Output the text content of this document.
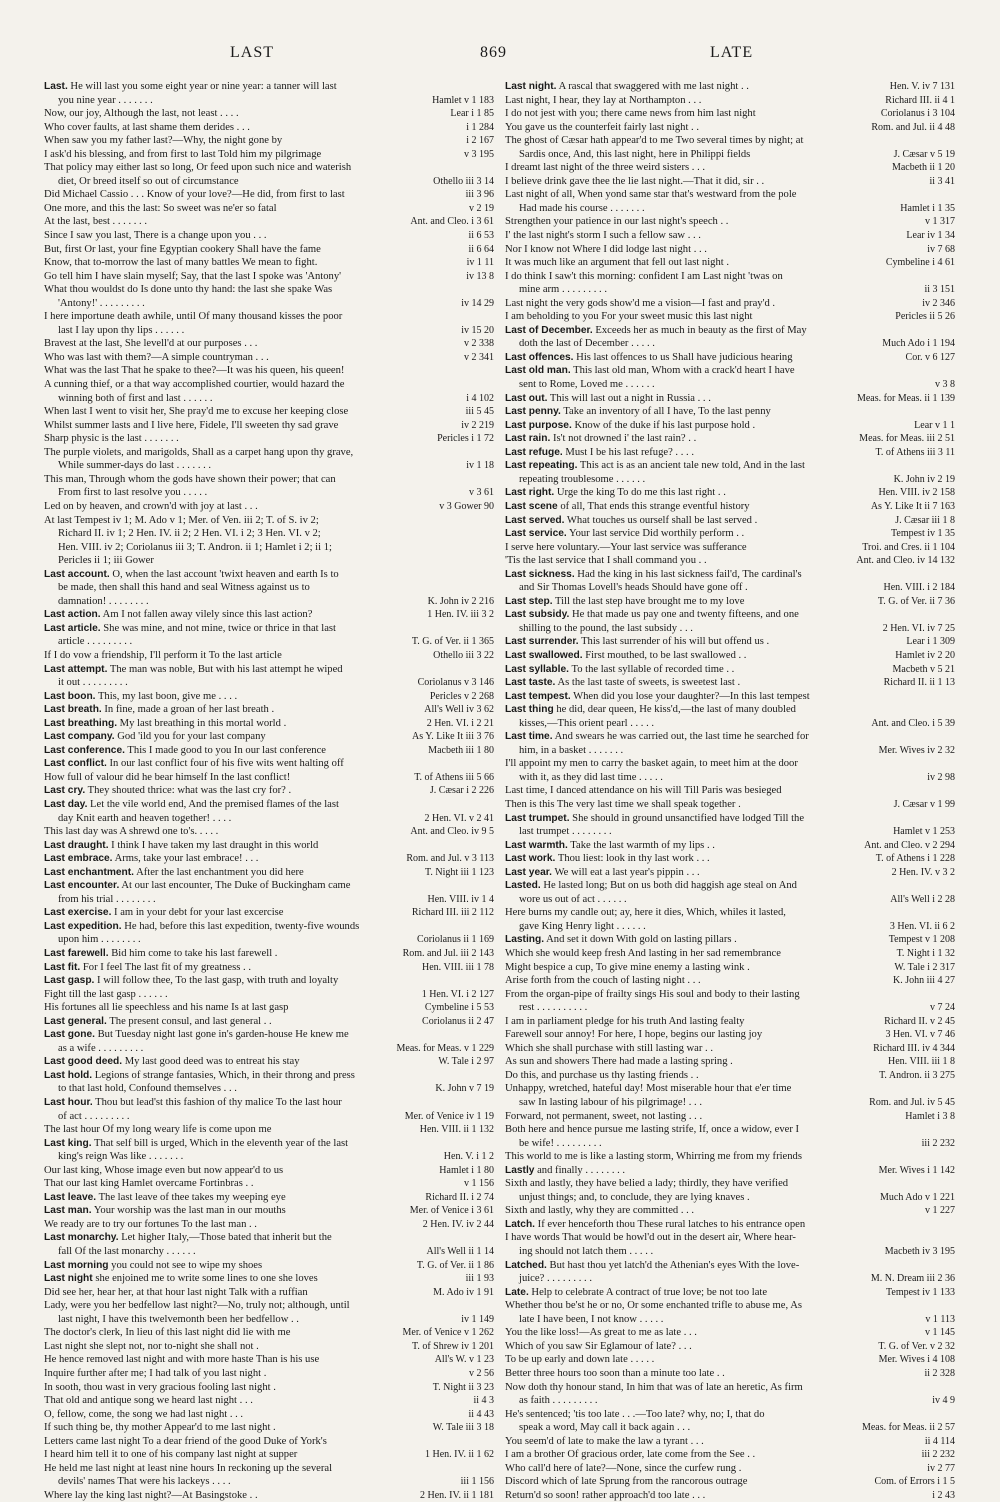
LAST	869	LATE
Last. He will last you some eight year or nine year: a tanner will last
you nine year . . . . . . .	Hamlet v 1 183
Now, our joy, Although the last, not least . . . .	Lear i 1 85
Who cover faults, at last shame them derides . . .	i 1 284
When saw you my father last?—Why, the night gone by	i 2 167
I ask'd his blessing, and from first to last Told him my pilgrimage	v 3 195
That policy may either last so long, Or feed upon such nice and waterish
diet, Or breed itself so out of circumstance	Othello iii 3 14
Did Michael Cassio . . . Know of your love?—He did, from first to last	iii 3 96
One more, and this the last: So sweet was ne'er so fatal	v 2 19
At the last, best . . . . . . .	Ant. and Cleo. i 3 61
Since I saw you last, There is a change upon you . . .	ii 6 53
But, first Or last, your fine Egyptian cookery Shall have the fame	ii 6 64
Know, that to-morrow the last of many battles We mean to fight.	iv 1 11
Go tell him I have slain myself; Say, that the last I spoke was 'Antony'	iv 13 8
What thou wouldst do Is done unto thy hand: the last she spake Was
'Antony!' . . . . . . . . .	iv 14 29
I here importune death awhile, until Of many thousand kisses the poor
last I lay upon thy lips . . . . . .	iv 15 20
Bravest at the last, She levell'd at our purposes . . .	v 2 338
Who was last with them?—A simple countryman . . .	v 2 341
What was the last That he spake to thee?—It was his queen, his queen!
A cunning thief, or a that way accomplished courtier, would hazard the
winning both of first and last . . . . . .	i 4 102
When last I went to visit her, She pray'd me to excuse her keeping close	iii 5 45
Whilst summer lasts and I live here, Fidele, I'll sweeten thy sad grave	iv 2 219
Sharp physic is the last . . . . . . .	Pericles i 1 72
The purple violets, and marigolds, Shall as a carpet hang upon thy grave,
While summer-days do last . . . . . . .	iv 1 18
This man, Through whom the gods have shown their power; that can
From first to last resolve you . . . . .	v 3 61
Led on by heaven, and crown'd with joy at last . . .	v 3 Gower 90
At last Tempest iv 1; M. Ado v 1; Mer. of Ven. iii 2; T. of S. iv 2;
Richard II. iv 1; 2 Hen. IV. ii 2; 2 Hen. VI. i 2; 3 Hen. VI. v 2;
Hen. VIII. iv 2; Coriolanus iii 3; T. Andron. ii 1; Hamlet i 2; ii 1;
Pericles ii 1; iii Gower
Last account. O, when the last account 'twixt heaven and earth Is to
be made, then shall this hand and seal Witness against us to
damnation! . . . . . . . .	K. John iv 2 216
Last action. Am I not fallen away vilely since this last action?	1 Hen. IV. iii 3 2
Last article. She was mine, and not mine, twice or thrice in that last
article . . . . . . . . .	T. G. of Ver. ii 1 365
If I do vow a friendship, I'll perform it To the last article	Othello iii 3 22
Last attempt. The man was noble, But with his last attempt he wiped
it out . . . . . . . . .	Coriolanus v 3 146
Last boon. This, my last boon, give me . . . .	Pericles v 2 268
Last breath. In fine, made a groan of her last breath .	All's Well iv 3 62
Last breathing. My last breathing in this mortal world .	2 Hen. VI. i 2 21
Last company. God 'ild you for your last company	As Y. Like It iii 3 76
Last conference. This I made good to you In our last conference	Macbeth iii 1 80
Last conflict. In our last conflict four of his five wits went halting off
How full of valour did he bear himself In the last conflict!	T. of Athens iii 5 66
Last cry. They shouted thrice: what was the last cry for? .	J. Cæsar i 2 226
Last day. Let the vile world end, And the premised flames of the last
day Knit earth and heaven together! . . . .	2 Hen. VI. v 2 41
This last day was A shrewd one to's. . . . .	Ant. and Cleo. iv 9 5
Last draught. I think I have taken my last draught in this world
Last embrace. Arms, take your last embrace! . . .	Rom. and Jul. v 3 113
Last enchantment. After the last enchantment you did here	T. Night iii 1 123
Last encounter. At our last encounter, The Duke of Buckingham came
from his trial . . . . . . . .	Hen. VIII. iv 1 4
Last exercise. I am in your debt for your last excercise	Richard III. iii 2 112
Last expedition. He had, before this last expedition, twenty-five wounds
upon him . . . . . . . .	Coriolanus ii 1 169
Last farewell. Bid him come to take his last farewell .	Rom. and Jul. iii 2 143
Last fit. For I feel The last fit of my greatness . .	Hen. VIII. iii 1 78
Last gasp. I will follow thee, To the last gasp, with truth and loyalty
Fight till the last gasp . . . . . .	1 Hen. VI. i 2 127
His fortunes all lie speechless and his name Is at last gasp	Cymbeline i 5 53
Last general. The present consul, and last general . .	Coriolanus ii 2 47
Last gone. But Tuesday night last gone in's garden-house He knew me
as a wife . . . . . . . . .	Meas. for Meas. v 1 229
Last good deed. My last good deed was to entreat his stay	W. Tale i 2 97
Last hold. Legions of strange fantasies, Which, in their throng and press
to that last hold, Confound themselves . . .	K. John v 7 19
Last hour. Thou but lead'st this fashion of thy malice To the last hour
of act . . . . . . . . .	Mer. of Venice iv 1 19
The last hour Of my long weary life is come upon me	Hen. VIII. ii 1 132
Last king. That self bill is urged, Which in the eleventh year of the last
king's reign Was like . . . . . . .	Hen. V. i 1 2
Our last king, Whose image even but now appear'd to us	Hamlet i 1 80
That our last king Hamlet overcame Fortinbras . .	v 1 156
Last leave. The last leave of thee takes my weeping eye	Richard II. i 2 74
Last man. Your worship was the last man in our mouths	Mer. of Venice i 3 61
We ready are to try our fortunes To the last man . .	2 Hen. IV. iv 2 44
Last monarchy. Let higher Italy,—Those bated that inherit but the
fall Of the last monarchy . . . . . .	All's Well ii 1 14
Last morning you could not see to wipe my shoes	T. G. of Ver. ii 1 86
Last night she enjoined me to write some lines to one she loves	iii 1 93
Did see her, hear her, at that hour last night Talk with a ruffian	M. Ado iv 1 91
Lady, were you her bedfellow last night?—No, truly not; although, until
last night, I have this twelvemonth been her bedfellow . .	iv 1 149
The doctor's clerk, In lieu of this last night did lie with me	Mer. of Venice v 1 262
Last night she slept not, nor to-night she shall not .	T. of Shrew iv 1 201
He hence removed last night and with more haste Than is his use	All's W. v 1 23
Inquire further after me; I had talk of you last night .	v 2 56
In sooth, thou wast in very gracious fooling last night .	T. Night ii 3 23
That old and antique song we heard last night . . .	ii 4 3
O, fellow, come, the song we had last night . . .	ii 4 43
If such thing be, thy mother Appear'd to me last night .	W. Tale iii 3 18
Letters came last night To a dear friend of the good Duke of York's
I heard him tell it to one of his company last night at supper	1 Hen. IV. ii 1 62
He held me last night at least nine hours In reckoning up the several
devils' names That were his lackeys . . . .	iii 1 156
Where lay the king last night?—At Basingstoke . .	2 Hen. IV. ii 1 181
Last night. A rascal that swaggered with me last night . .	Hen. V. iv 7 131
Last night, I hear, they lay at Northampton . . .	Richard III. ii 4 1
I do not jest with you; there came news from him last night	Coriolanus i 3 104
You gave us the counterfeit fairly last night . .	Rom. and Jul. ii 4 48
The ghost of Cæsar hath appear'd to me Two several times by night; at
Sardis once, And, this last night, here in Philippi fields	J. Cæsar v 5 19
I dreamt last night of the three weird sisters . . .	Macbeth ii 1 20
I believe drink gave thee the lie last night.—That it did, sir . .	ii 3 41
Last night of all, When yond same star that's westward from the pole
Had made his course . . . . . . .	Hamlet i 1 35
Strengthen your patience in our last night's speech . .	v 1 317
I' the last night's storm I such a fellow saw . . .	Lear iv 1 34
Nor I know not Where I did lodge last night . . .	iv 7 68
It was much like an argument that fell out last night .	Cymbeline i 4 61
I do think I saw't this morning: confident I am Last night 'twas on
mine arm . . . . . . . . .	ii 3 151
Last night the very gods show'd me a vision—I fast and pray'd .	iv 2 346
I am beholding to you For your sweet music this last night	Pericles ii 5 26
Last of December. Exceeds her as much in beauty as the first of May
doth the last of December . . . . .	Much Ado i 1 194
Last offences. His last offences to us Shall have judicious hearing	Cor. v 6 127
Last old man. This last old man, Whom with a crack'd heart I have
sent to Rome, Loved me . . . . . .	v 3 8
Last out. This will last out a night in Russia . . .	Meas. for Meas. ii 1 139
Last penny. Take an inventory of all I have, To the last penny
Last purpose. Know of the duke if his last purpose hold .	Lear v 1 1
Last rain. Is't not drowned i' the last rain? . .	Meas. for Meas. iii 2 51
Last refuge. Must I be his last refuge? . . . .	T. of Athens iii 3 11
Last repeating. This act is as an ancient tale new told, And in the last
repeating troublesome . . . . . .	K. John iv 2 19
Last right. Urge the king To do me this last right . .	Hen. VIII. iv 2 158
Last scene of all, That ends this strange eventful history	As Y. Like It ii 7 163
Last served. What touches us ourself shall be last served .	J. Cæsar iii 1 8
Last service. Your last service Did worthily perform . .	Tempest iv 1 35
I serve here voluntary.—Your last service was sufferance	Troi. and Cres. ii 1 104
'Tis the last service that I shall command you . .	Ant. and Cleo. iv 14 132
Last sickness. Had the king in his last sickness fail'd, The cardinal's
and Sir Thomas Lovell's heads Should have gone off .	Hen. VIII. i 2 184
Last step. Till the last step have brought me to my love	T. G. of Ver. ii 7 36
Last subsidy. He that made us pay one and twenty fifteens, and one
shilling to the pound, the last subsidy . . .	2 Hen. VI. iv 7 25
Last surrender. This last surrender of his will but offend us .	Lear i 1 309
Last swallowed. First mouthed, to be last swallowed . .	Hamlet iv 2 20
Last syllable. To the last syllable of recorded time . .	Macbeth v 5 21
Last taste. As the last taste of sweets, is sweetest last .	Richard II. ii 1 13
Last tempest. When did you lose your daughter?—In this last tempest
Last thing he did, dear queen, He kiss'd,—the last of many doubled
kisses,—This orient pearl . . . . .	Ant. and Cleo. i 5 39
Last time. And swears he was carried out, the last time he searched for
him, in a basket . . . . . . .	Mer. Wives iv 2 32
I'll appoint my men to carry the basket again, to meet him at the door
with it, as they did last time . . . . .	iv 2 98
Last time, I danced attendance on his will Till Paris was besieged
Then is this The very last time we shall speak together .	J. Cæsar v 1 99
Last trumpet. She should in ground unsanctified have lodged Till the
last trumpet . . . . . . . .	Hamlet v 1 253
Last warmth. Take the last warmth of my lips . .	Ant. and Cleo. v 2 294
Last work. Thou liest: look in thy last work . . .	T. of Athens i 1 228
Last year. We will eat a last year's pippin . . .	2 Hen. IV. v 3 2
Lasted. He lasted long; But on us both did haggish age steal on And
wore us out of act . . . . . .	All's Well i 2 28
Here burns my candle out; ay, here it dies, Which, whiles it lasted,
gave King Henry light . . . . . .	3 Hen. VI. ii 6 2
Lasting. And set it down With gold on lasting pillars .	Tempest v 1 208
Which she would keep fresh And lasting in her sad remembrance	T. Night i 1 32
Might bespice a cup, To give mine enemy a lasting wink .	W. Tale i 2 317
Arise forth from the couch of lasting night . . .	K. John iii 4 27
From the organ-pipe of frailty sings His soul and body to their lasting
rest . . . . . . . . . .	v 7 24
I am in parliament pledge for his truth And lasting fealty	Richard II. v 2 45
Farewell sour annoy! For here, I hope, begins our lasting joy	3 Hen. VI. v 7 46
Which she shall purchase with still lasting war . .	Richard III. iv 4 344
As sun and showers There had made a lasting spring .	Hen. VIII. iii 1 8
Do this, and purchase us thy lasting friends . .	T. Andron. ii 3 275
Unhappy, wretched, hateful day! Most miserable hour that e'er time
saw In lasting labour of his pilgrimage! . . .	Rom. and Jul. iv 5 45
Forward, not permanent, sweet, not lasting . . .	Hamlet i 3 8
Both here and hence pursue me lasting strife, If, once a widow, ever I
be wife! . . . . . . . . .	iii 2 232
This world to me is like a lasting storm, Whirring me from my friends
Lastly and finally . . . . . . . .	Mer. Wives i 1 142
Sixth and lastly, they have belied a lady; thirdly, they have verified
unjust things; and, to conclude, they are lying knaves .	Much Ado v 1 221
Sixth and lastly, why they are committed . . .	v 1 227
Latch. If ever henceforth thou These rural latches to his entrance open
I have words That would be howl'd out in the desert air, Where hear-
ing should not latch them . . . . .	Macbeth iv 3 195
Latched. But hast thou yet latch'd the Athenian's eyes With the love-
juice? . . . . . . . . .	M. N. Dream iii 2 36
Late. Help to celebrate A contract of true love; be not too late	Tempest iv 1 133
Whether thou be'st he or no, Or some enchanted trifle to abuse me, As
late I have been, I not know . . . . .	v 1 113
You the like loss!—As great to me as late . . .	v 1 145
Which of you saw Sir Eglamour of late? . . .	T. G. of Ver. v 2 32
To be up early and down late . . . . .	Mer. Wives i 4 108
Better three hours too soon than a minute too late . .	ii 2 328
Now doth thy honour stand, In him that was of late an heretic, As firm
as faith . . . . . . . . .	iv 4 9
He's sentenced; 'tis too late . . .—Too late? why, no; I, that do
speak a word, May call it back again . . .	Meas. for Meas. ii 2 57
You seem'd of late to make the law a tyrant . . .	ii 4 114
I am a brother Of gracious order, late come from the See . .	iii 2 232
Who call'd here of late?—None, since the curfew rung .	iv 2 77
Discord which of late Sprung from the rancorous outrage	Com. of Errors i 1 5
Return'd so soon! rather approach'd too late . . .	i 2 43
